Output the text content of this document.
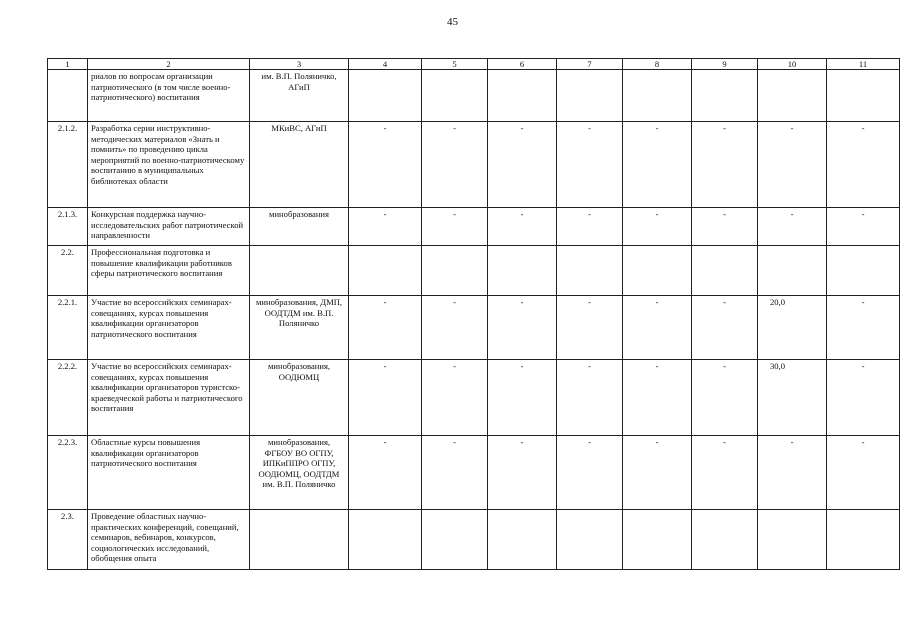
45
1	2	3	4	5	6	7	8	9	10	11
	риалов по вопросам организации патриотического (в том числе военно-патриотического) воспитания	им. В.П. Поляничко, АГиП								
2.1.2.	Разработка серии инструктивно-методических материалов «Знать и помнить» по проведению цикла мероприятий по военно-патриотическому воспитанию в муниципальных библиотеках области	МКиВС, АГиП	-	-	-	-	-	-	-	-
2.1.3.	Конкурсная поддержка научно-исследовательских работ патриотической направленности	минобразования	-	-	-	-	-	-	-	-
2.2.	Профессиональная подготовка и повышение квалификации работников сферы патриотического воспитания									
2.2.1.	Участие во всероссийских семинарах-совещаниях, курсах повышения квалификации организаторов патриотического воспитания	минобразования, ДМП, ООДТДМ им. В.П. Поляничко	-	-	-	-	-	-	20,0	-
2.2.2.	Участие во всероссийских семинарах-совещаниях, курсах повышения квалификации организаторов туристско-краеведческой работы и патриотического воспитания	минобразования, ООДЮМЦ	-	-	-	-	-	-	30,0	-
2.2.3.	Областные курсы повышения квалификации организаторов патриотического воспитания	минобразования, ФГБОУ ВО ОГПУ, ИПКиППРО ОГПУ, ООДЮМЦ, ООДТДМ им. В.П. Поляничко	-	-	-	-	-	-	-	-
2.3.	Проведение областных научно-практических конференций, совещаний, семинаров, вебинаров, конкурсов, социологических исследований, обобщения опыта									
